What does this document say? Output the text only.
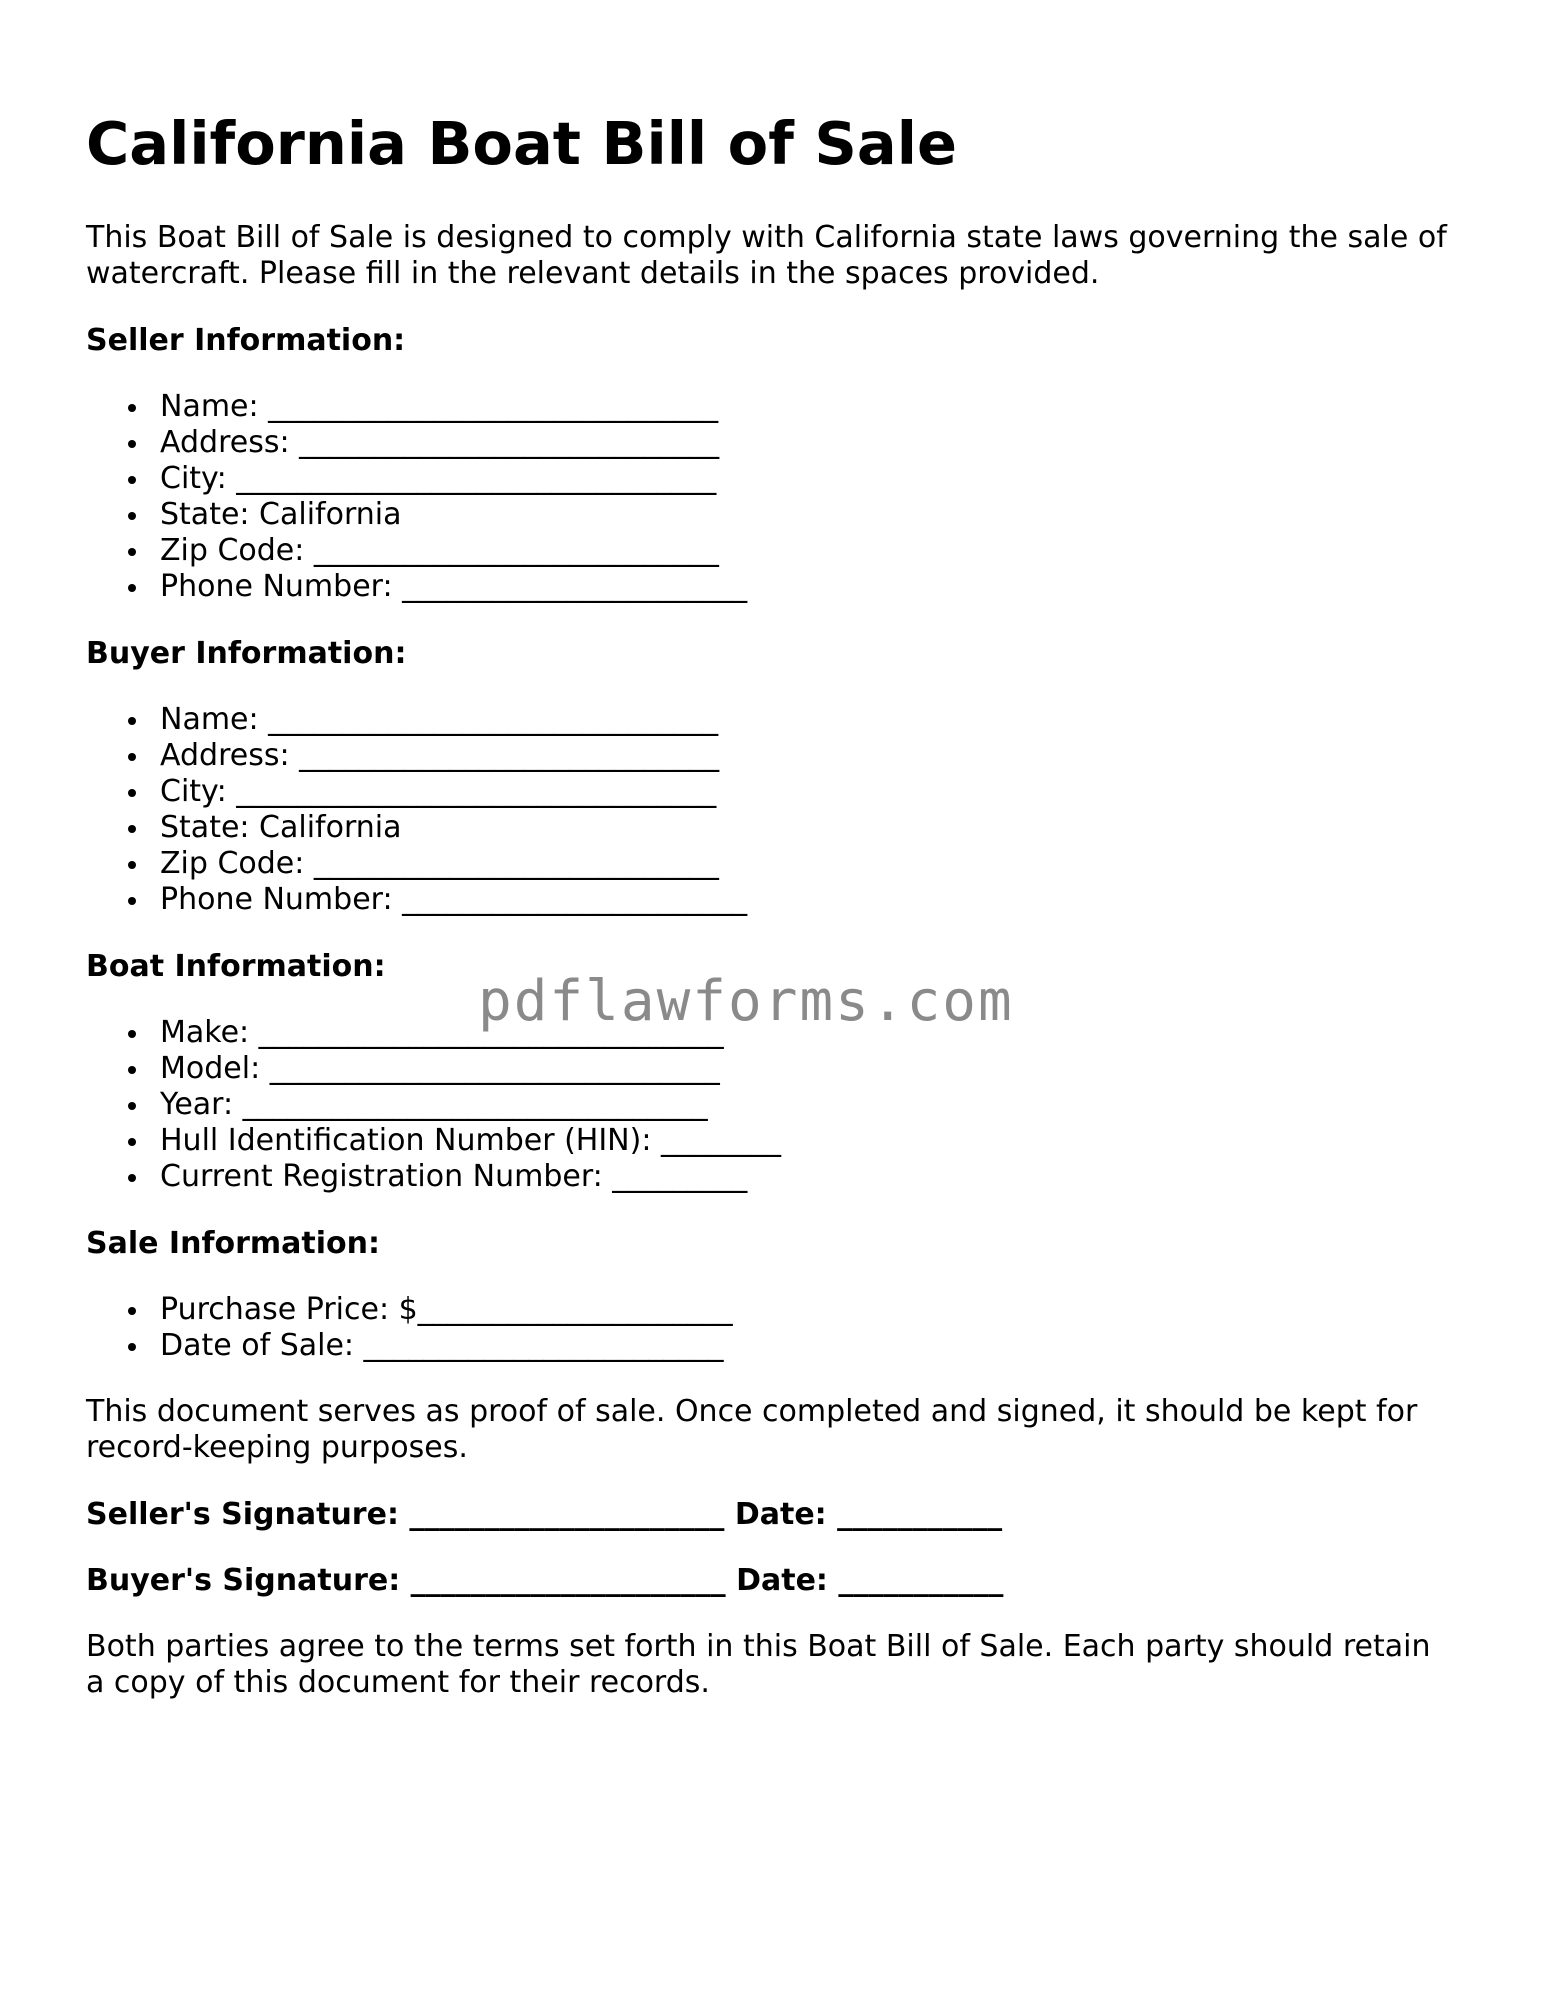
California Boat Bill of Sale

This Boat Bill of Sale is designed to comply with California state laws governing the sale of watercraft. Please fill in the relevant details in the spaces provided.

Seller Information:

Name: ______________________________
Address: ____________________________
City: ________________________________
State: California
Zip Code: ___________________________
Phone Number: _______________________

Buyer Information:

Name: ______________________________
Address: ____________________________
City: ________________________________
State: California
Zip Code: ___________________________
Phone Number: _______________________

Boat Information:

Make: _______________________________
Model: ______________________________
Year: _______________________________
Hull Identification Number (HIN): ________
Current Registration Number: _________

Sale Information:

Purchase Price: $_____________________
Date of Sale: ________________________

This document serves as proof of sale. Once completed and signed, it should be kept for record-keeping purposes.

Seller's Signature: _____________________ Date: ___________

Buyer's Signature: _____________________ Date: ___________

Both parties agree to the terms set forth in this Boat Bill of Sale. Each party should retain a copy of this document for their records.

pdflawforms.com
